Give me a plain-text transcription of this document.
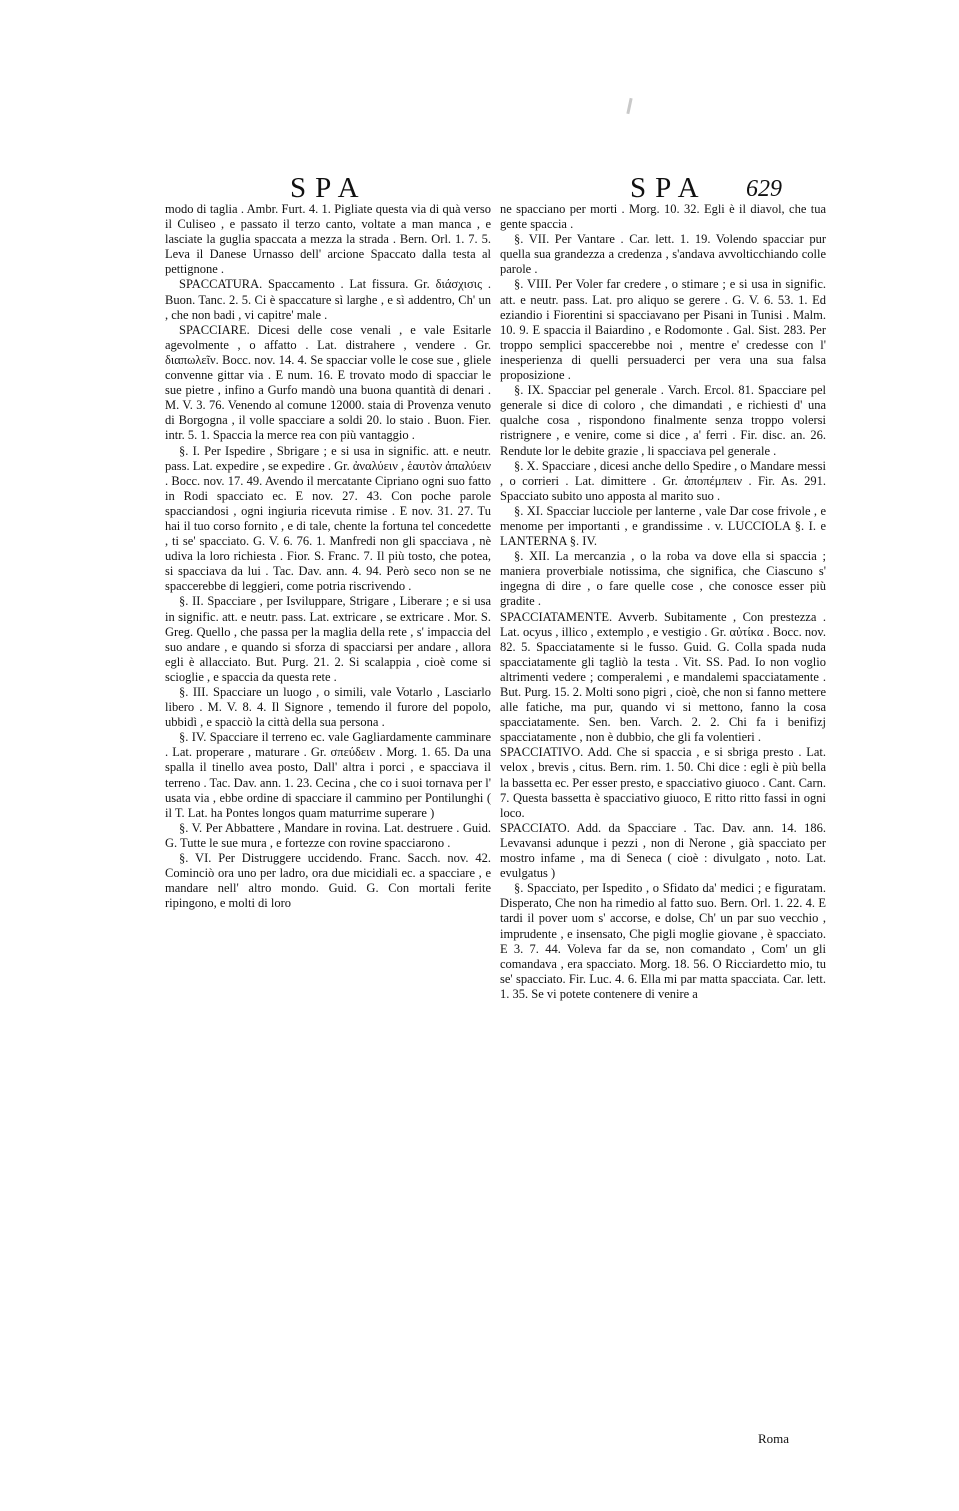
SPA	SPA 629

modo di taglia . Ambr. Furt. 4. 1. Pigliate questa via di quà verso il Culiseo , e passato il terzo canto, voltate a man manca , e lasciate la guglia spaccata a mezza la strada . Bern. Orl. 1. 7. 5. Leva il Danese Urnasso dell' arcione Spaccato dalla testa al pettignone .

SPACCATURA. Spaccamento . Lat fissura. Gr. διάσχισις . Buon. Tanc. 2. 5. Ci è spaccature sì larghe , e sì addentro, Ch' un , che non badi , vi capitre' male .

SPACCIARE. Dicesi delle cose venali , e vale Esitarle agevolmente , o affatto . Lat. distrahere , vendere . Gr. διαπωλεῖν. Bocc. nov. 14. 4. Se spacciar volle le cose sue , gliele convenne gittar via . E num. 16. E trovato modo di spacciar le sue pietre , infino a Gurfo mandò una buona quantità di denari . M. V. 3. 76. Venendo al comune 12000. staia di Provenza venuto di Borgogna , il volle spacciare a soldi 20. lo staio . Buon. Fier. intr. 5. 1. Spaccia la merce rea con più vantaggio .

§. I. Per Ispedire , Sbrigare ; e si usa in signific. att. e neutr. pass. Lat. expedire , se expedire . Gr. ἀναλύειν , ἑαυτὸν ἀπαλύειν . Bocc. nov. 17. 49. Avendo il mercatante Cipriano ogni suo fatto in Rodi spacciato ec. E nov. 27. 43. Con poche parole spacciandosi , ogni ingiuria ricevuta rimise . E nov. 31. 27. Tu hai il tuo corso fornito , e di tale, chente la fortuna tel concedette , ti se' spacciato. G. V. 6. 76. 1. Manfredi non gli spacciava , nè udiva la loro richiesta . Fior. S. Franc. 7. Il più tosto, che potea, si spacciava da lui . Tac. Dav. ann. 4. 94. Però seco non se ne spaccerebbe di leggieri, come potria riscrivendo .

§. II. Spacciare , per Isviluppare, Strigare , Liberare ; e si usa in signific. att. e neutr. pass. Lat. extricare , se extricare . Mor. S. Greg. Quello , che passa per la maglia della rete , s' impaccia del suo andare , e quando si sforza di spacciarsi per andare , allora egli è allacciato. But. Purg. 21. 2. Si scalappia , cioè come si scioglie , e spaccia da questa rete .

§. III. Spacciare un luogo , o simili, vale Votarlo , Lasciarlo libero . M. V. 8. 4. Il Signore , temendo il furore del popolo, ubbidì , e spacciò la città della sua persona .

§. IV. Spacciare il terreno ec. vale Gagliardamente camminare . Lat. properare , maturare . Gr. σπεύδειν . Morg. 1. 65. Da una spalla il tinello avea posto, Dall' altra i porci , e spacciava il terreno . Tac. Dav. ann. 1. 23. Cecina , che co i suoi tornava per l' usata via , ebbe ordine di spacciare il cammino per Pontilunghi ( il T. Lat. ha Pontes longos quam maturrime superare )

§. V. Per Abbattere , Mandare in rovina. Lat. destruere . Guid. G. Tutte le sue mura , e fortezze con rovine spacciarono .

§. VI. Per Distruggere uccidendo. Franc. Sacch. nov. 42. Cominciò ora uno per ladro, ora due micidiali ec. a spacciare , e mandare nell' altro mondo. Guid. G. Con mortali ferite ripingono, e molti di loro

ne spacciano per morti . Morg. 10. 32. Egli è il diavol, che tua gente spaccia .

§. VII. Per Vantare . Car. lett. 1. 19. Volendo spacciar pur quella sua grandezza a credenza , s'andava avvolticchiando colle parole .

§. VIII. Per Voler far credere , o stimare ; e si usa in signific. att. e neutr. pass. Lat. pro aliquo se gerere . G. V. 6. 53. 1. Ed eziandio i Fiorentini si spacciavano per Pisani in Tunisi . Malm. 10. 9. E spaccia il Baiardino , e Rodomonte . Gal. Sist. 283. Per troppo semplici spaccerebbe noi , mentre e' credesse con l' inesperienza di quelli persuaderci per vera una sua falsa proposizione .

§. IX. Spacciar pel generale . Varch. Ercol. 81. Spacciare pel generale si dice di coloro , che dimandati , e richiesti d' una qualche cosa , rispondono finalmente senza troppo volersi ristrignere , e venire, come si dice , a' ferri . Fir. disc. an. 26. Rendute lor le debite grazie , li spacciava pel generale .

§. X. Spacciare , dicesi anche dello Spedire , o Mandare messi , o corrieri . Lat. dimittere . Gr. ἀποπέμπειν . Fir. As. 291. Spacciato subito uno apposta al marito suo .

§. XI. Spacciar lucciole per lanterne , vale Dar cose frivole , e menome per importanti , e grandissime . v. LUCCIOLA §. I. e LANTERNA §. IV.

§. XII. La mercanzia , o la roba va dove ella si spaccia ; maniera proverbiale notissima, che significa, che Ciascuno s' ingegna di dire , o fare quelle cose , che conosce esser più gradite .

SPACCIATAMENTE. Avverb. Subitamente , Con prestezza . Lat. ocyus , illico , extemplo , e vestigio . Gr. αὐτίκα . Bocc. nov. 82. 5. Spacciatamente si le fusso. Guid. G. Colla spada nuda spacciatamente gli tagliò la testa . Vit. SS. Pad. Io non voglio altrimenti vedere ; comperalemi , e mandalemi spacciatamente . But. Purg. 15. 2. Molti sono pigri , cioè, che non si fanno mettere alle fatiche, ma pur, quando vi si mettono, fanno la cosa spacciatamente. Sen. ben. Varch. 2. 2. Chi fa i benifizj spacciatamente , non è dubbio, che gli fa volentieri .

SPACCIATIVO. Add. Che si spaccia , e si sbriga presto . Lat. velox , brevis , citus. Bern. rim. 1. 50. Chi dice : egli è più bella la bassetta ec. Per esser presto, e spacciativo giuoco . Cant. Carn. 7. Questa bassetta è spacciativo giuoco, E ritto ritto fassi in ogni loco.

SPACCIATO. Add. da Spacciare . Tac. Dav. ann. 14. 186. Levavansi adunque i pezzi , non di Nerone , già spacciato per mostro infame , ma di Seneca ( cioè : divulgato , noto. Lat. evulgatus )

§. Spacciato, per Ispedito , o Sfidato da' medici ; e figuratam. Disperato, Che non ha rimedio al fatto suo. Bern. Orl. 1. 22. 4. E tardi il pover uom s' accorse, e dolse, Ch' un par suo vecchio , imprudente , e insensato, Che pigli moglie giovane , è spacciato. E 3. 7. 44. Voleva far da se, non comandato , Com' un gli comandava , era spacciato. Morg. 18. 56. O Ricciardetto mio, tu se' spacciato. Fir. Luc. 4. 6. Ella mi par matta spacciata. Car. lett. 1. 35. Se vi potete contenere di venire a

Roma
